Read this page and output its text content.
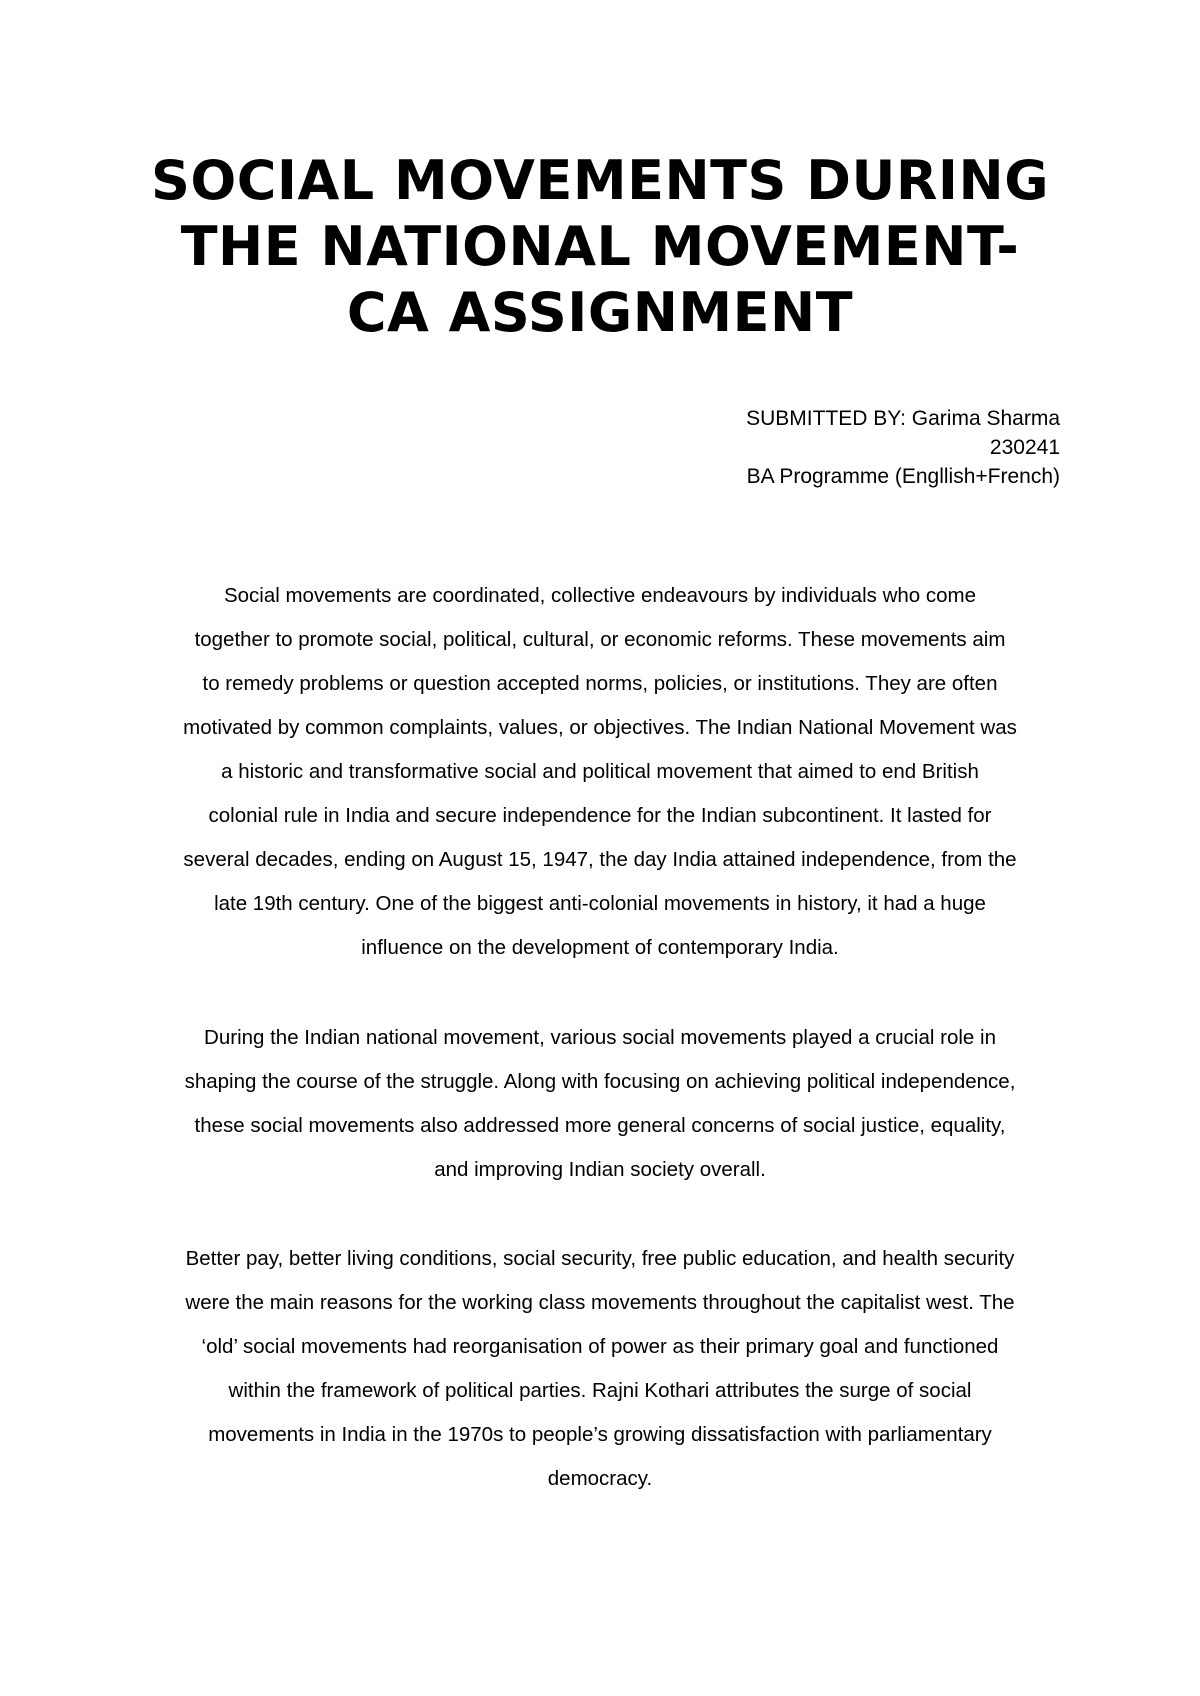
SOCIAL MOVEMENTS DURING
THE NATIONAL MOVEMENT-
CA ASSIGNMENT
SUBMITTED BY: Garima Sharma
230241
BA Programme (Engllish+French)

Social movements are coordinated, collective endeavours by individuals who come
together to promote social, political, cultural, or economic reforms. These movements aim
to remedy problems or question accepted norms, policies, or institutions. They are often
motivated by common complaints, values, or objectives. The Indian National Movement was
a historic and transformative social and political movement that aimed to end British
colonial rule in India and secure independence for the Indian subcontinent. It lasted for
several decades, ending on August 15, 1947, the day India attained independence, from the
late 19th century. One of the biggest anti-colonial movements in history, it had a huge
influence on the development of contemporary India.

During the Indian national movement, various social movements played a crucial role in
shaping the course of the struggle. Along with focusing on achieving political independence,
these social movements also addressed more general concerns of social justice, equality,
and improving Indian society overall.

Better pay, better living conditions, social security, free public education, and health security
were the main reasons for the working class movements throughout the capitalist west. The
‘old’ social movements had reorganisation of power as their primary goal and functioned
within the framework of political parties. Rajni Kothari attributes the surge of social
movements in India in the 1970s to people’s growing dissatisfaction with parliamentary
democracy.
